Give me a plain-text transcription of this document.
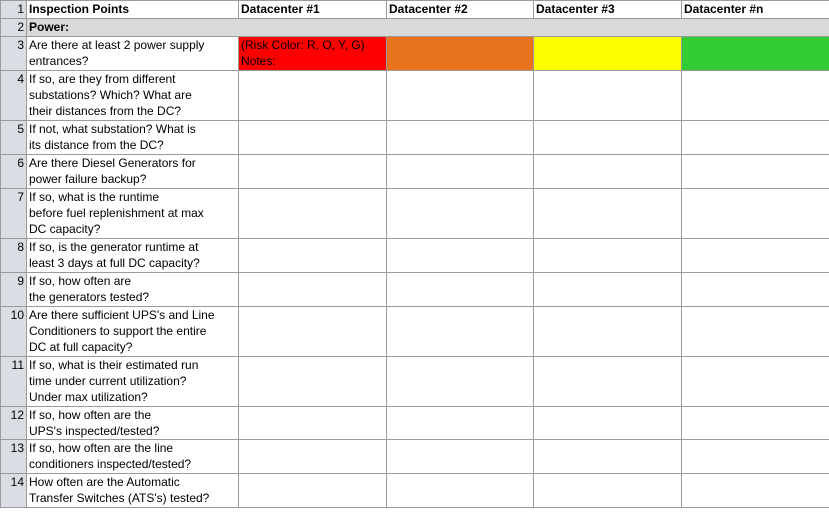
1	Inspection Points	Datacenter #1	Datacenter #2	Datacenter #3	Datacenter #n
2	Power:				
3	Are there at least 2 power supply
entrances?	(Risk Color: R, O, Y, G)
Notes:			
4	If so, are they from different
substations? Which? What are
their distances from the DC?				
5	If not, what substation? What is
its distance from the DC?				
6	Are there Diesel Generators for
power failure backup?				
7	If so, what is the runtime
before fuel replenishment at max
DC capacity?				
8	If so, is the generator runtime at
least 3 days at full DC capacity?				
9	If so, how often are
the generators tested?				
10	Are there sufficient UPS's and Line
Conditioners to support the entire
DC at full capacity?				
11	If so, what is their estimated run
time under current utilization?
Under max utilization?				
12	If so, how often are the
UPS's inspected/tested?				
13	If so, how often are the line
conditioners inspected/tested?				
14	How often are the Automatic
Transfer Switches (ATS's) tested?				
